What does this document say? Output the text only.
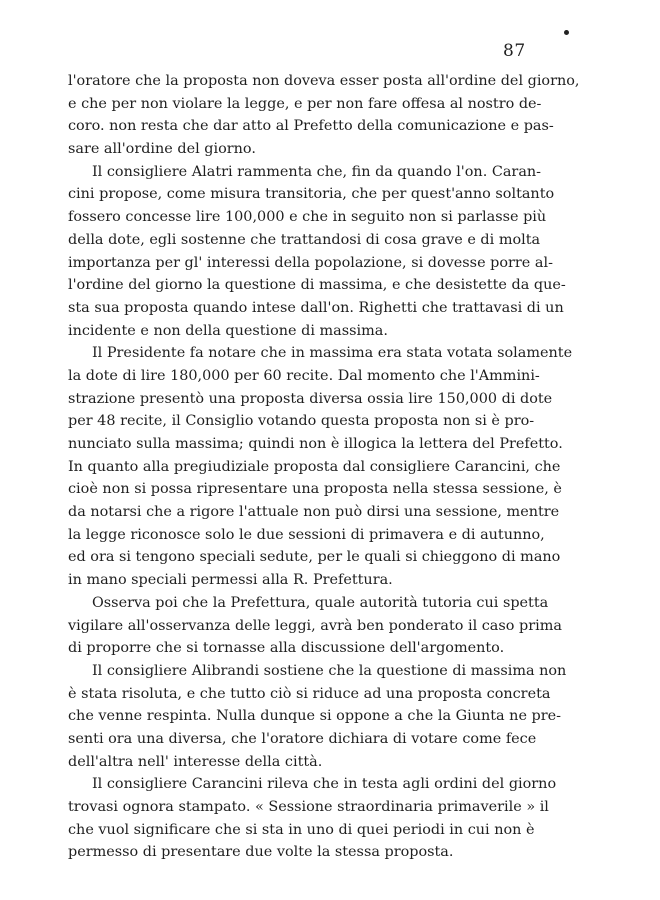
87
l'oratore che la proposta non doveva esser posta all'ordine del giorno,
e che per non violare la legge, e per non fare offesa al nostro de-
coro. non resta che dar atto al Prefetto della comunicazione e pas-
sare all'ordine del giorno.
Il consigliere Alatri rammenta che, fin da quando l'on. Caran-
cini propose, come misura transitoria, che per quest'anno soltanto
fossero concesse lire 100,000 e che in seguito non si parlasse più
della dote, egli sostenne che trattandosi di cosa grave e di molta
importanza per gl' interessi della popolazione, si dovesse porre al-
l'ordine del giorno la questione di massima, e che desistette da que-
sta sua proposta quando intese dall'on. Righetti che trattavasi di un
incidente e non della questione di massima.
Il Presidente fa notare che in massima era stata votata solamente
la dote di lire 180,000 per 60 recite. Dal momento che l'Ammini-
strazione presentò una proposta diversa ossia lire 150,000 di dote
per 48 recite, il Consiglio votando questa proposta non si è pro-
nunciato sulla massima; quindi non è illogica la lettera del Prefetto.
In quanto alla pregiudiziale proposta dal consigliere Carancini, che
cioè non si possa ripresentare una proposta nella stessa sessione, è
da notarsi che a rigore l'attuale non può dirsi una sessione, mentre
la legge riconosce solo le due sessioni di primavera e di autunno,
ed ora si tengono speciali sedute, per le quali si chieggono di mano
in mano speciali permessi alla R. Prefettura.
Osserva poi che la Prefettura, quale autorità tutoria cui spetta
vigilare all'osservanza delle leggi, avrà ben ponderato il caso prima
di proporre che si tornasse alla discussione dell'argomento.
Il consigliere Alibrandi sostiene che la questione di massima non
è stata risoluta, e che tutto ciò si riduce ad una proposta concreta
che venne respinta. Nulla dunque si oppone a che la Giunta ne pre-
senti ora una diversa, che l'oratore dichiara di votare come fece
dell'altra nell' interesse della città.
Il consigliere Carancini rileva che in testa agli ordini del giorno
trovasi ognora stampato. « Sessione straordinaria primaverile » il
che vuol significare che si sta in uno di quei periodi in cui non è
permesso di presentare due volte la stessa proposta.
